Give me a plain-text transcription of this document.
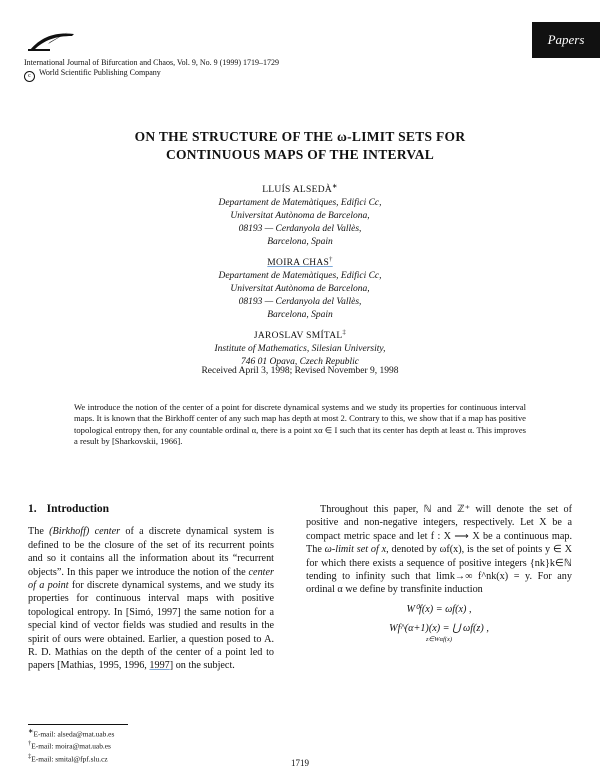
Papers
International Journal of Bifurcation and Chaos, Vol. 9, No. 9 (1999) 1719–1729
c World Scientific Publishing Company
ON THE STRUCTURE OF THE ω-LIMIT SETS FOR
CONTINUOUS MAPS OF THE INTERVAL
LLUÍS ALSEDÀ∗
Departament de Matemàtiques, Edifici Cc,
Universitat Autònoma de Barcelona,
08193 — Cerdanyola del Vallès,
Barcelona, Spain
MOIRA CHAS†
Departament de Matemàtiques, Edifici Cc,
Universitat Autònoma de Barcelona,
08193 — Cerdanyola del Vallès,
Barcelona, Spain
JAROSLAV SMÍTAL‡
Institute of Mathematics, Silesian University,
746 01 Opava, Czech Republic
Received April 3, 1998; Revised November 9, 1998
We introduce the notion of the center of a point for discrete dynamical systems and we study its properties for continuous interval maps. It is known that the Birkhoff center of any such map has depth at most 2. Contrary to this, we show that if a map has positive topological entropy then, for any countable ordinal α, there is a point xα ∈ I such that its center has depth at least α. This improves a result by [Sharkovskii, 1966].
1. Introduction
The (Birkhoff) center of a discrete dynamical system is defined to be the closure of the set of its recurrent points and so it contains all the information about its “recurrent objects”. In this paper we introduce the notion of the center of a point for discrete dynamical systems, and we study its properties for continuous interval maps with positive topological entropy. In [Simó, 1997] the same notion for a special kind of vector fields was studied and results in the spirit of ours were obtained. Earlier, a question posed to A. R. D. Mathias on the depth of the center of a point led to papers [Mathias, 1995, 1996, 1997] on the subject.
Throughout this paper, ℕ and ℤ⁺ will denote the set of positive and non-negative integers, respectively. Let X be a compact metric space and let f : X ⟶ X be a continuous map. The ω-limit set of x, denoted by ωf(x), is the set of points y ∈ X for which there exists a sequence of positive integers {nk}k∈ℕ tending to infinity such that limk→∞ f^nk(x) = y. For any ordinal α we define by transfinite induction
W⁰f(x) = ωf(x) ,
Wf^(α+1)(x) = ⋃ ωf(z) ,
z∈Wαf(x)
∗E-mail: alseda@mat.uab.es
†E-mail: moira@mat.uab.es
‡E-mail: smital@fpf.slu.cz	1719
